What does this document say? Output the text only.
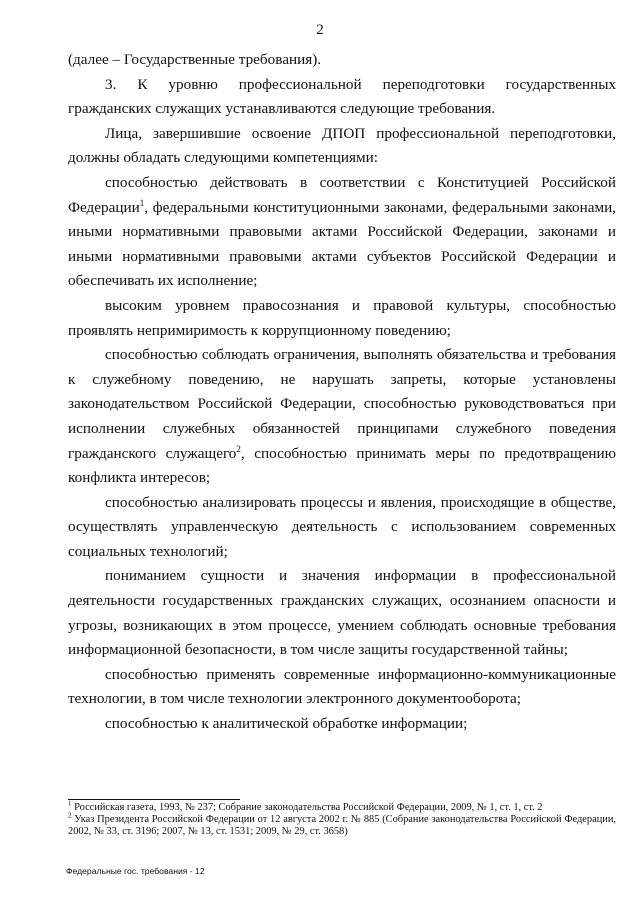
2

(далее – Государственные требования).

3. К уровню профессиональной переподготовки государственных гражданских служащих устанавливаются следующие требования.

Лица, завершившие освоение ДПОП профессиональной переподготовки, должны обладать следующими компетенциями:

способностью действовать в соответствии с Конституцией Российской Федерации$^1$, федеральными конституционными законами, федеральными законами, иными нормативными правовыми актами Российской Федерации, законами и иными нормативными правовыми актами субъектов Российской Федерации и обеспечивать их исполнение;

высоким уровнем правосознания и правовой культуры, способностью проявлять непримиримость к коррупционному поведению;

способностью соблюдать ограничения, выполнять обязательства и требования к служебному поведению, не нарушать запреты, которые установлены законодательством Российской Федерации, способностью руководствоваться при исполнении служебных обязанностей принципами служебного поведения гражданского служащего$^2$, способностью принимать меры по предотвращению конфликта интересов;

способностью анализировать процессы и явления, происходящие в обществе, осуществлять управленческую деятельность с использованием современных социальных технологий;

пониманием сущности и значения информации в профессиональной деятельности государственных гражданских служащих, осознанием опасности и угрозы, возникающих в этом процессе, умением соблюдать основные требования информационной безопасности, в том числе защиты государственной тайны;

способностью применять современные информационно-коммуникационные технологии, в том числе технологии электронного документооборота;

способностью к аналитической обработке информации;

$^1$ Российская газета, 1993, № 237; Собрание законодательства Российской Федерации, 2009, № 1, ст. 1, ст. 2

$^2$ Указ Президента Российской Федерации от 12 августа 2002 г. № 885 (Собрание законодательства Российской Федерации, 2002, № 33, ст. 3196; 2007, № 13, ст. 1531; 2009, № 29, ст. 3658)

Федеральные гос. требования - 12
